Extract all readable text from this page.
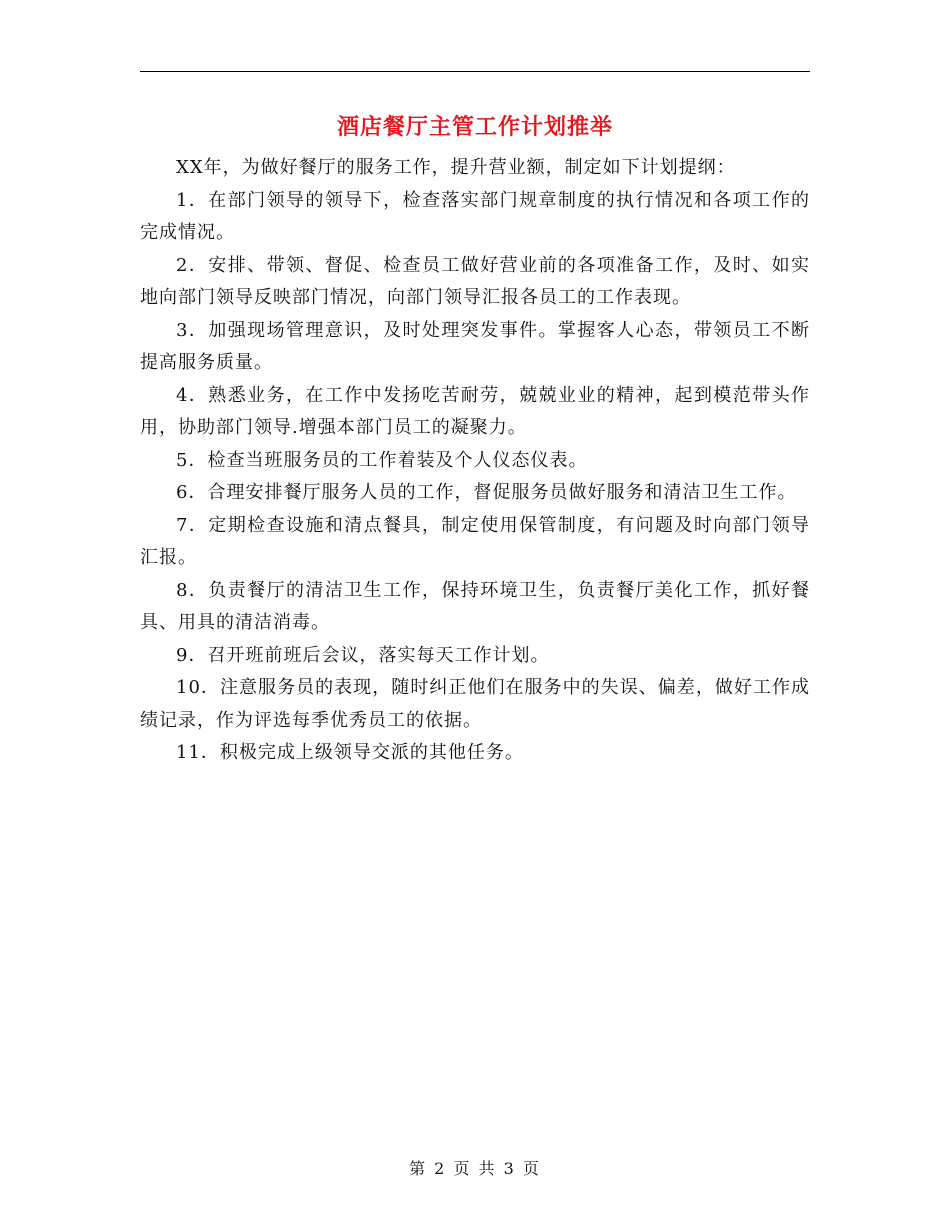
酒店餐厅主管工作计划推举

XX年，为做好餐厅的服务工作，提升营业额，制定如下计划提纲：

1．在部门领导的领导下，检查落实部门规章制度的执行情况和各项工作的完成情况。

2．安排、带领、督促、检查员工做好营业前的各项准备工作，及时、如实地向部门领导反映部门情况，向部门领导汇报各员工的工作表现。

3．加强现场管理意识，及时处理突发事件。掌握客人心态，带领员工不断提高服务质量。

4．熟悉业务，在工作中发扬吃苦耐劳，兢兢业业的精神，起到模范带头作用，协助部门领导.增强本部门员工的凝聚力。

5．检查当班服务员的工作着装及个人仪态仪表。

6．合理安排餐厅服务人员的工作，督促服务员做好服务和清洁卫生工作。

7．定期检查设施和清点餐具，制定使用保管制度，有问题及时向部门领导汇报。

8．负责餐厅的清洁卫生工作，保持环境卫生，负责餐厅美化工作，抓好餐具、用具的清洁消毒。

9．召开班前班后会议，落实每天工作计划。

10．注意服务员的表现，随时纠正他们在服务中的失误、偏差，做好工作成绩记录，作为评选每季优秀员工的依据。

11．积极完成上级领导交派的其他任务。

第 2 页 共 3 页
